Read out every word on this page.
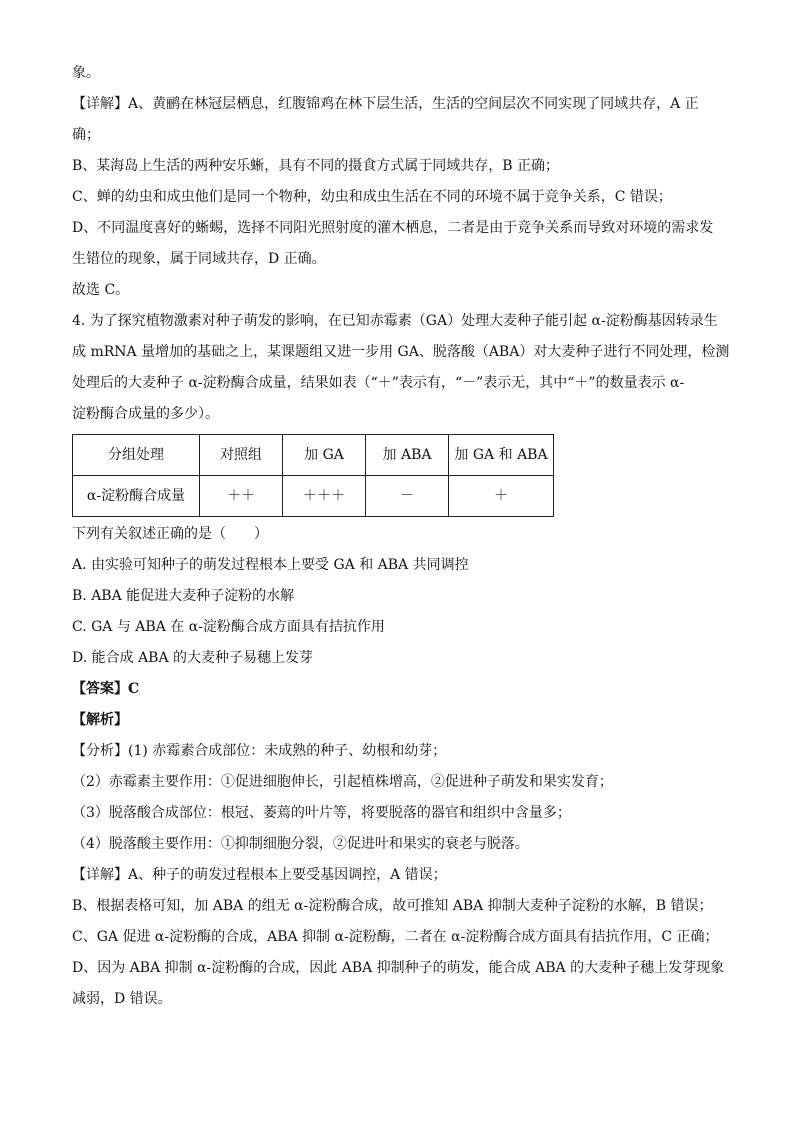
象。
【详解】A、黄鹂在林冠层栖息，红腹锦鸡在林下层生活，生活的空间层次不同实现了同域共存，A 正
确；
B、某海岛上生活的两种安乐蜥，具有不同的摄食方式属于同域共存，B 正确；
C、蝉的幼虫和成虫他们是同一个物种，幼虫和成虫生活在不同的环境不属于竞争关系，C 错误；
D、不同温度喜好的蜥蜴，选择不同阳光照射度的灌木栖息，二者是由于竞争关系而导致对环境的需求发
生错位的现象，属于同域共存，D 正确。
故选 C。
4. 为了探究植物激素对种子萌发的影响，在已知赤霉素（GA）处理大麦种子能引起 α-淀粉酶基因转录生
成 mRNA 量增加的基础之上，某课题组又进一步用 GA、脱落酸（ABA）对大麦种子进行不同处理，检测
处理后的大麦种子 α-淀粉酶合成量，结果如表（“＋”表示有，“－”表示无，其中“＋”的数量表示 α-
淀粉酶合成量的多少）。
分组处理	对照组	加 GA	加 ABA	加 GA 和 ABA
α-淀粉酶合成量	＋＋	＋＋＋	－	＋
下列有关叙述正确的是（　　）
A. 由实验可知种子的萌发过程根本上要受 GA 和 ABA 共同调控
B. ABA 能促进大麦种子淀粉的水解
C. GA 与 ABA 在 α-淀粉酶合成方面具有拮抗作用
D. 能合成 ABA 的大麦种子易穗上发芽
【答案】C
【解析】
【分析】(1) 赤霉素合成部位：未成熟的种子、幼根和幼芽；
（2）赤霉素主要作用：①促进细胞伸长，引起植株增高，②促进种子萌发和果实发育；
（3）脱落酸合成部位：根冠、萎蔫的叶片等，将要脱落的器官和组织中含量多；
（4）脱落酸主要作用：①抑制细胞分裂，②促进叶和果实的衰老与脱落。
【详解】A、种子的萌发过程根本上要受基因调控，A 错误；
B、根据表格可知，加 ABA 的组无 α-淀粉酶合成，故可推知 ABA 抑制大麦种子淀粉的水解，B 错误；
C、GA 促进 α-淀粉酶的合成，ABA 抑制 α-淀粉酶，二者在 α-淀粉酶合成方面具有拮抗作用，C 正确；
D、因为 ABA 抑制 α-淀粉酶的合成，因此 ABA 抑制种子的萌发，能合成 ABA 的大麦种子穗上发芽现象
减弱，D 错误。
